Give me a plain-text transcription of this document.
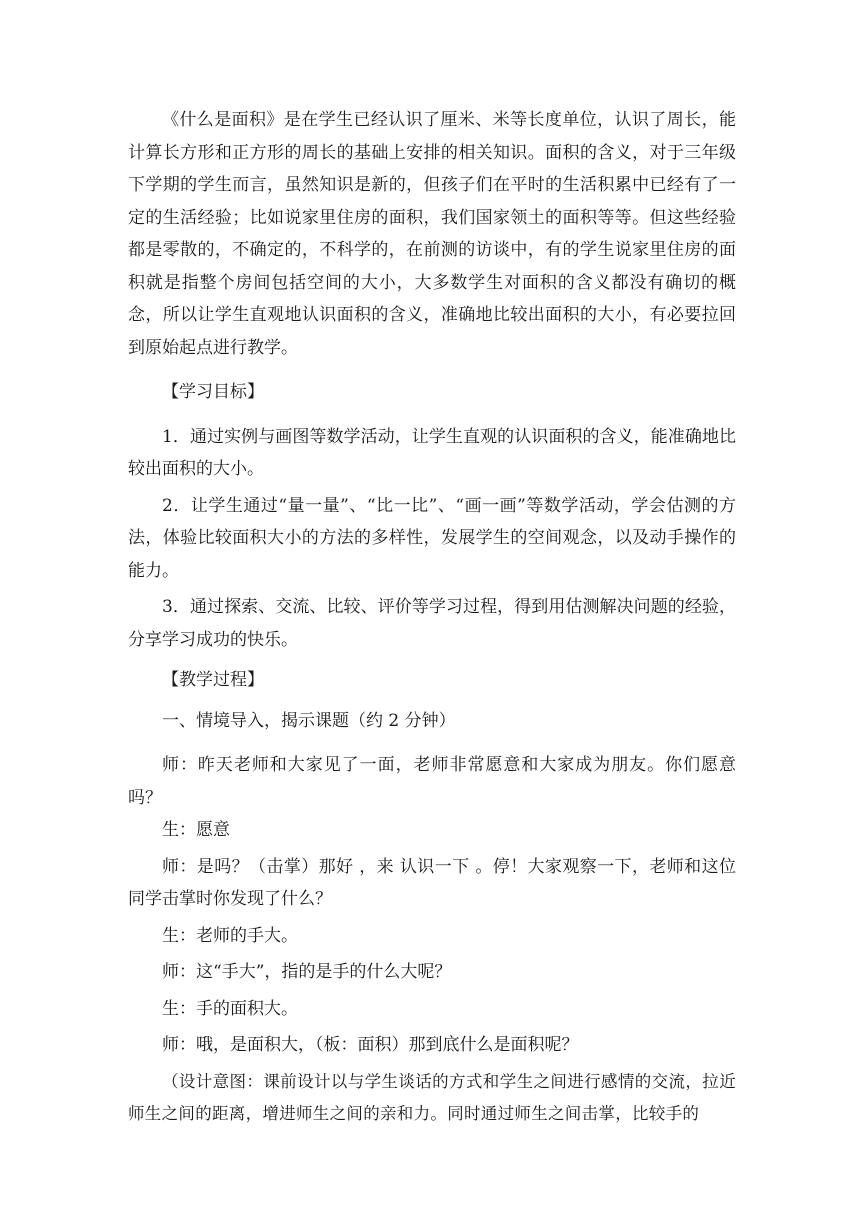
《什么是面积》是在学生已经认识了厘米、米等长度单位，认识了周长，能计算长方形和正方形的周长的基础上安排的相关知识。面积的含义，对于三年级下学期的学生而言，虽然知识是新的，但孩子们在平时的生活积累中已经有了一定的生活经验；比如说家里住房的面积，我们国家领土的面积等等。但这些经验都是零散的，不确定的，不科学的，在前测的访谈中，有的学生说家里住房的面积就是指整个房间包括空间的大小，大多数学生对面积的含义都没有确切的概念，所以让学生直观地认识面积的含义，准确地比较出面积的大小，有必要拉回到原始起点进行教学。

【学习目标】

1．通过实例与画图等数学活动，让学生直观的认识面积的含义，能准确地比较出面积的大小。

2．让学生通过“量一量”、“比一比”、“画一画”等数学活动，学会估测的方法，体验比较面积大小的方法的多样性，发展学生的空间观念，以及动手操作的能力。

3．通过探索、交流、比较、评价等学习过程，得到用估测解决问题的经验，分享学习成功的快乐。

【教学过程】

一、情境导入，揭示课题（约 2 分钟）

师：昨天老师和大家见了一面，老师非常愿意和大家成为朋友。你们愿意吗？

生：愿意

师：是吗？（击掌）那好 ，来 认识一下 。停！大家观察一下，老师和这位同学击掌时你发现了什么？

生：老师的手大。

师：这“手大”，指的是手的什么大呢？

生：手的面积大。

师：哦，是面积大，（板：面积）那到底什么是面积呢？

（设计意图：课前设计以与学生谈话的方式和学生之间进行感情的交流，拉近师生之间的距离，增进师生之间的亲和力。同时通过师生之间击掌，比较手的
